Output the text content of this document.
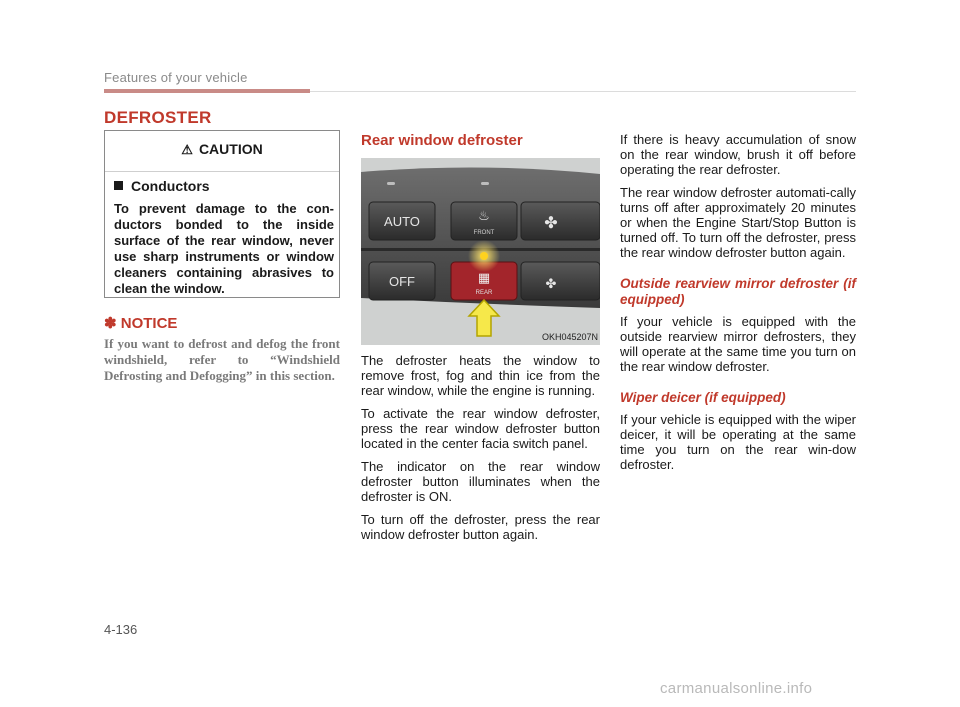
Features of your vehicle
DEFROSTER
⚠ CAUTION
Conductors
To prevent damage to the con-ductors bonded to the inside surface of the rear window, never use sharp instruments or window cleaners containing abrasives to clean the window.
✽ NOTICE
If you want to defrost and defog the front windshield, refer to “Windshield Defrosting and Defogging” in this section.
Rear window defroster
AUTO	♨
FRONT
✤
OFF	▦
REAR
✤
OKH045207N

The defroster heats the window to remove frost, fog and thin ice from the rear window, while the engine is running.

To activate the rear window defroster, press the rear window defroster button located in the center facia switch panel.

The indicator on the rear window defroster button illuminates when the defroster is ON.

To turn off the defroster, press the rear window defroster button again.

If there is heavy accumulation of snow on the rear window, brush it off before operating the rear defroster.

The rear window defroster automati-cally turns off after approximately 20 minutes or when the Engine Start/Stop Button is turned off. To turn off the defroster, press the rear window defroster button again.

Outside rearview mirror defroster (if equipped)

If your vehicle is equipped with the outside rearview mirror defrosters, they will operate at the same time you turn on the rear window defroster.

Wiper deicer (if equipped)

If your vehicle is equipped with the wiper deicer, it will be operating at the same time you turn on the rear win-dow defroster.

4-136
carmanualsonline.info
